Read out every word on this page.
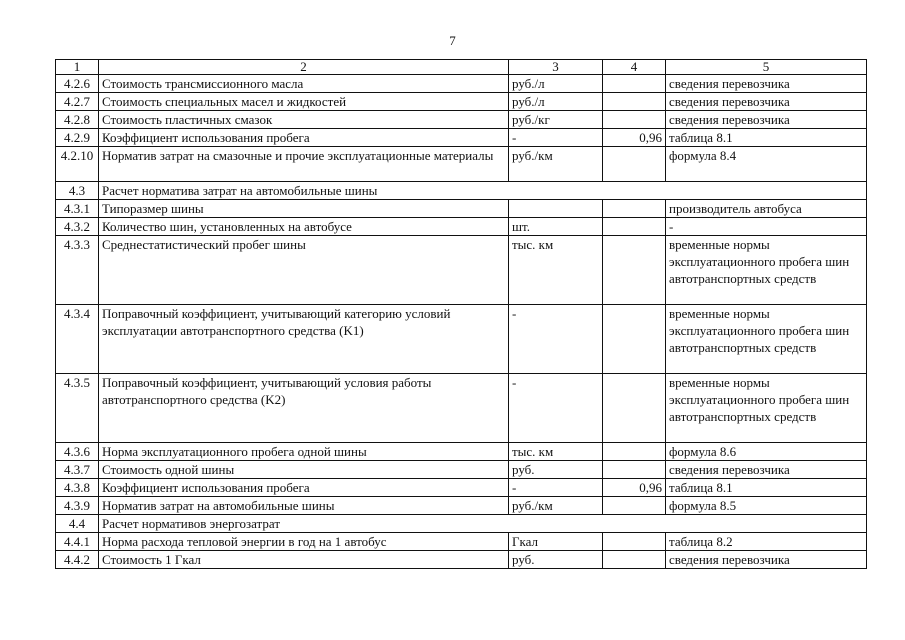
7
1	2	3	4	5
4.2.6	Стоимость трансмиссионного масла	руб./л		сведения перевозчика
4.2.7	Стоимость специальных масел и жидкостей	руб./л		сведения перевозчика
4.2.8	Стоимость пластичных смазок	руб./кг		сведения перевозчика
4.2.9	Коэффициент использования пробега	-	0,96	таблица 8.1
4.2.10	Норматив затрат на смазочные и прочие эксплуатационные материалы	руб./км		формула 8.4
4.3	Расчет норматива затрат на автомобильные шины			
4.3.1	Типоразмер шины			производитель автобуса
4.3.2	Количество шин, установленных на автобусе	шт.		-
4.3.3	Среднестатистический пробег шины	тыс. км		временные нормы эксплуатационного пробега шин автотранспортных средств
4.3.4	Поправочный коэффициент, учитывающий категорию условий эксплуатации автотранспортного средства (K1)	-		временные нормы эксплуатационного пробега шин автотранспортных средств
4.3.5	Поправочный коэффициент, учитывающий условия работы автотранспортного средства (K2)	-		временные нормы эксплуатационного пробега шин автотранспортных средств
4.3.6	Норма эксплуатационного пробега одной шины	тыс. км		формула 8.6
4.3.7	Стоимость одной шины	руб.		сведения перевозчика
4.3.8	Коэффициент использования пробега	-	0,96	таблица 8.1
4.3.9	Норматив затрат на автомобильные шины	руб./км		формула 8.5
4.4	Расчет нормативов энергозатрат			
4.4.1	Норма расхода тепловой энергии в год на 1 автобус	Гкал		таблица 8.2
4.4.2	Стоимость 1 Гкал	руб.		сведения перевозчика
